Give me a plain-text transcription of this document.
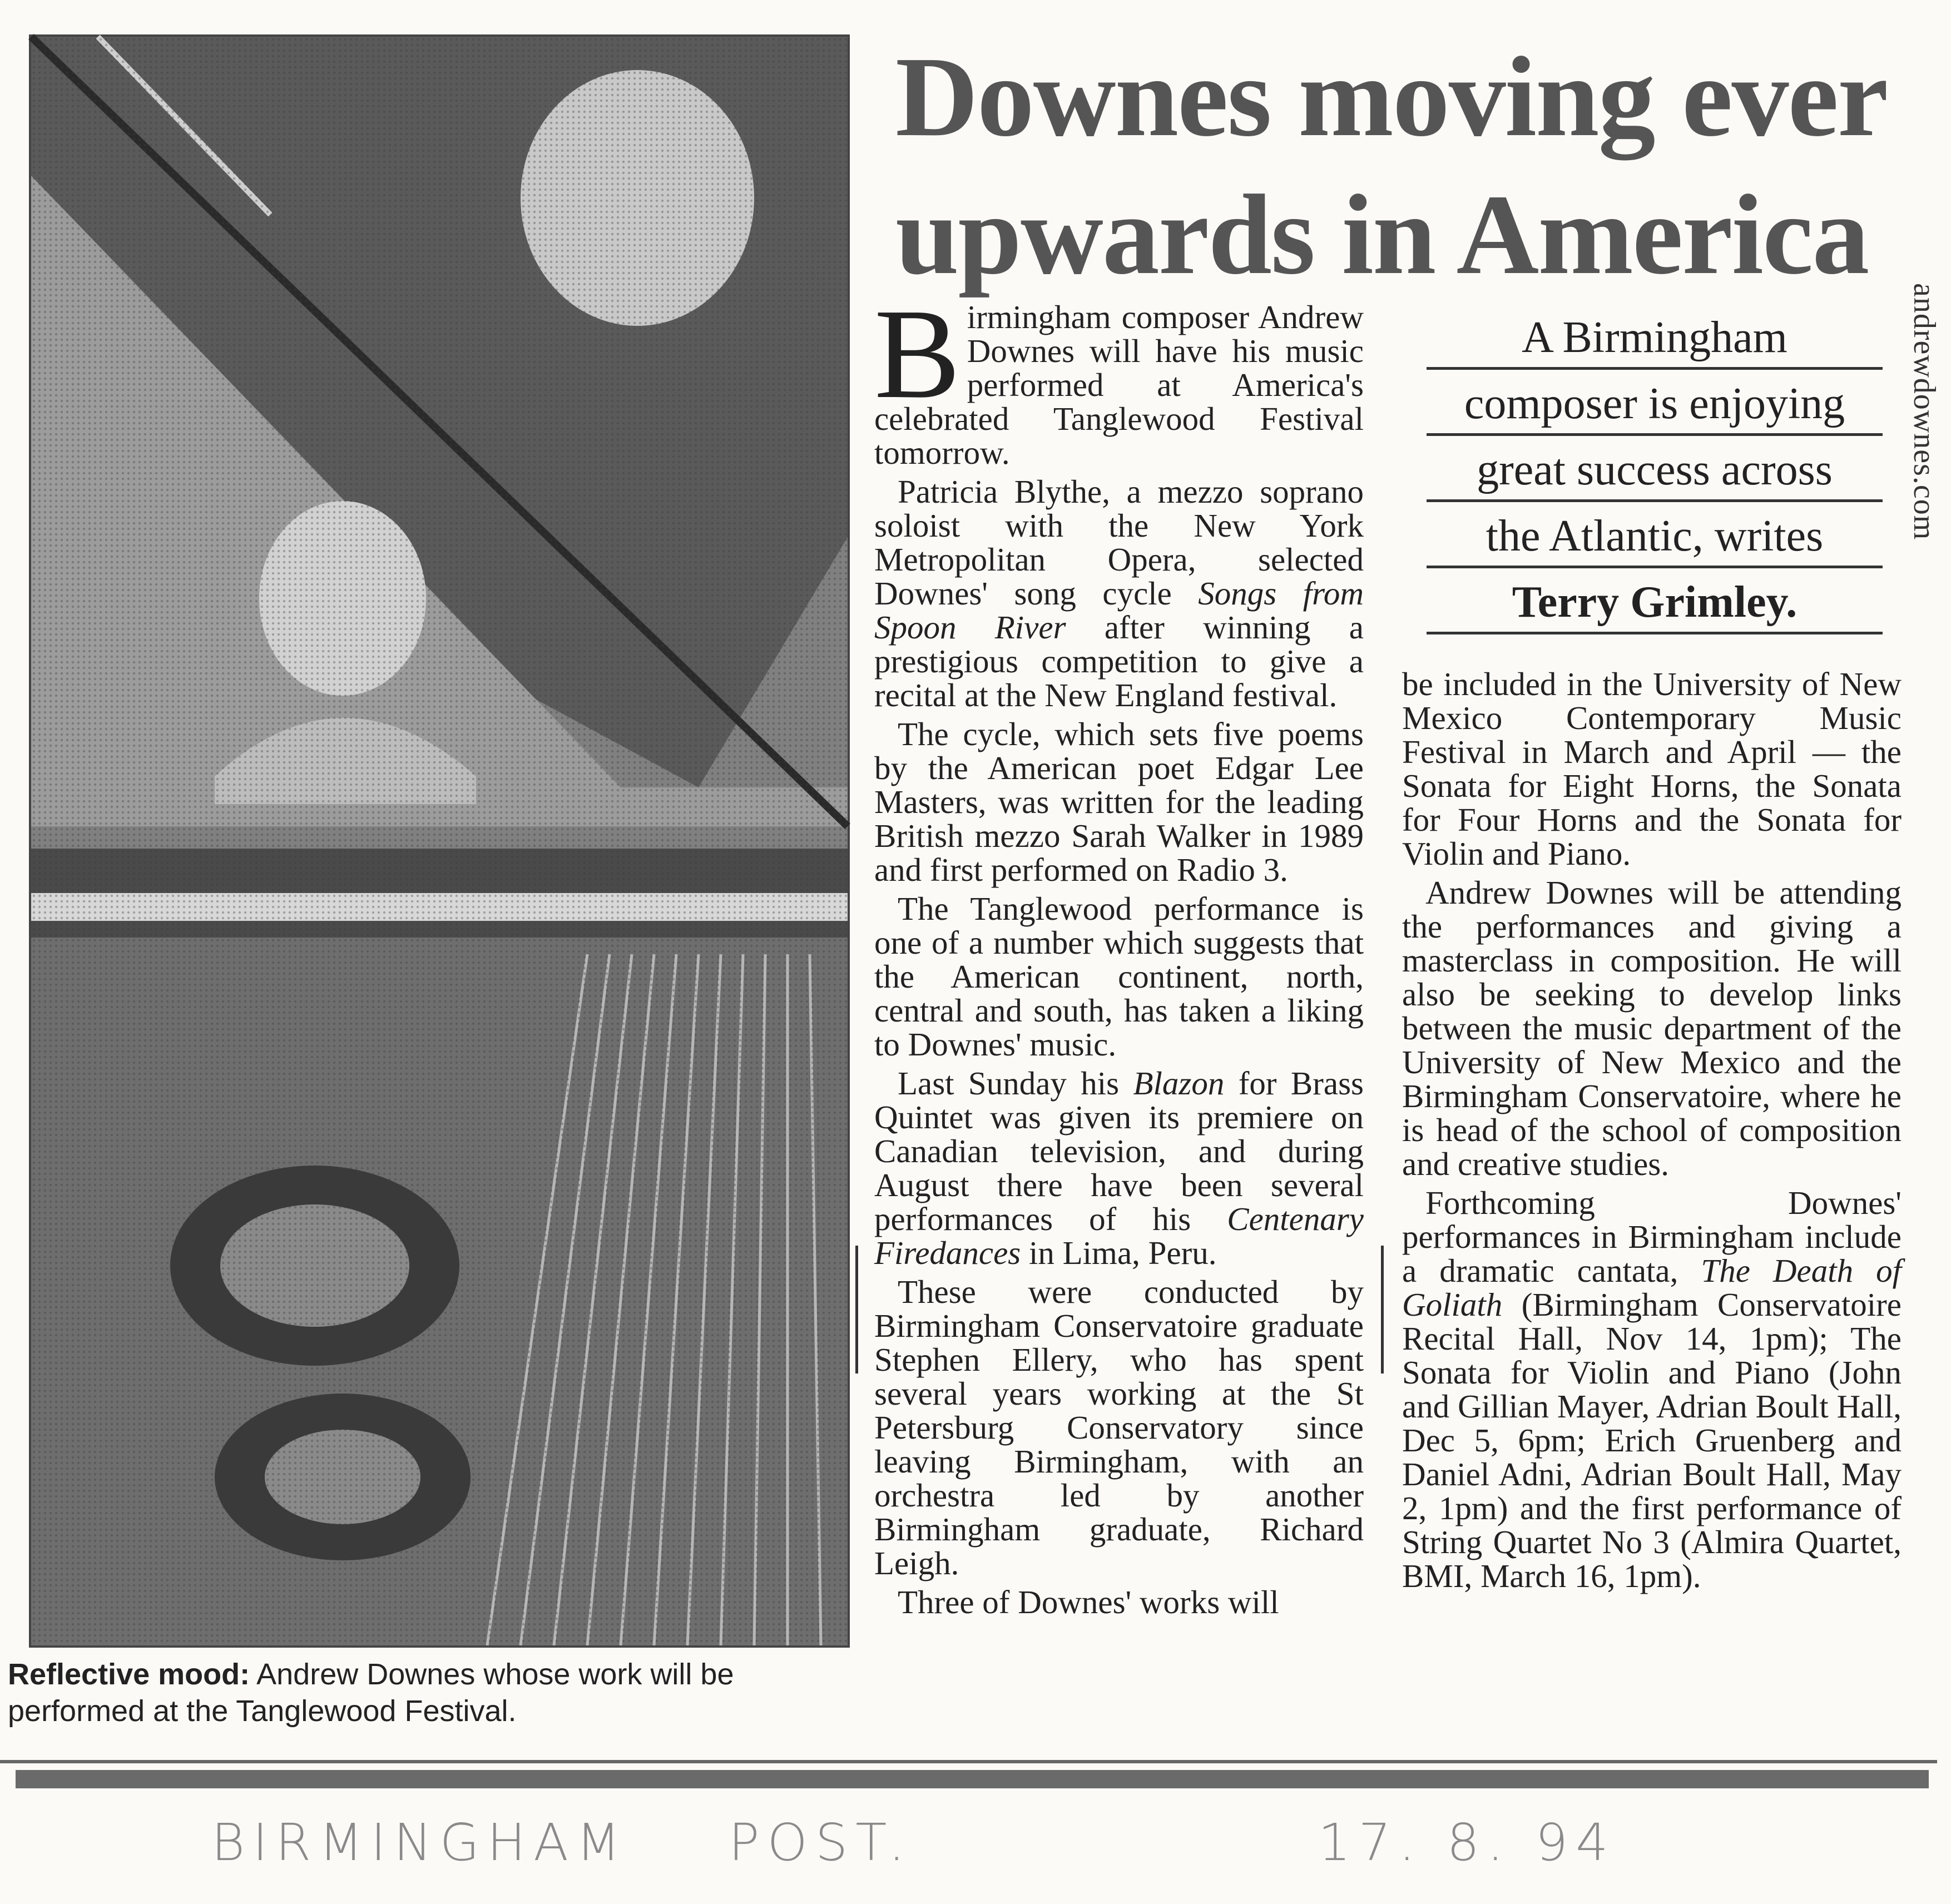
Reflective mood: Andrew Downes whose work will be performed at the Tanglewood Festival.
Downes moving ever
upwards in America

Birmingham composer Andrew Downes will have his music performed at America's celebrated Tanglewood Festival tomorrow.

Patricia Blythe, a mezzo soprano soloist with the New York Metropolitan Opera, selected Downes' song cycle Songs from Spoon River after winning a prestigious competition to give a recital at the New England festival.

The cycle, which sets five poems by the American poet Edgar Lee Masters, was written for the leading British mezzo Sarah Walker in 1989 and first performed on Radio 3.

The Tanglewood performance is one of a number which suggests that the American continent, north, central and south, has taken a liking to Downes' music.

Last Sunday his Blazon for Brass Quintet was given its premiere on Canadian television, and during August there have been several performances of his Centenary Firedances in Lima, Peru.

These were conducted by Birmingham Conservatoire graduate Stephen Ellery, who has spent several years working at the St Petersburg Conservatory since leaving Birmingham, with an orchestra led by another Birmingham graduate, Richard Leigh.

Three of Downes' works will

A Birmingham
composer is enjoying
great success across
the Atlantic, writes
Terry Grimley.
andrewdownes.com

be included in the University of New Mexico Contemporary Music Festival in March and April — the Sonata for Eight Horns, the Sonata for Four Horns and the Sonata for Violin and Piano.

Andrew Downes will be attending the performances and giving a masterclass in composition. He will also be seeking to develop links between the music department of the University of New Mexico and the Birmingham Conservatoire, where he is head of the school of composition and creative studies.

Forthcoming Downes' performances in Birmingham include a dramatic cantata, The Death of Goliath (Birmingham Conservatoire Recital Hall, Nov 14, 1pm); The Sonata for Violin and Piano (John and Gillian Mayer, Adrian Boult Hall, Dec 5, 6pm; Erich Gruenberg and Daniel Adni, Adrian Boult Hall, May 2, 1pm) and the first performance of String Quartet No 3 (Almira Quartet, BMI, March 16, 1pm).

BIRMINGHAM POST.	17. 8. 94
